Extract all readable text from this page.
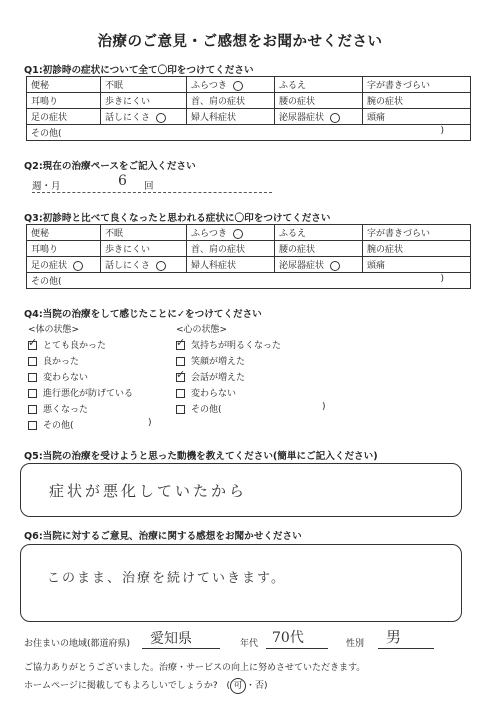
治療のご意見・ご感想をお聞かせください
Q1:初診時の症状について全て〇印をつけてください
便秘	不眠	ふらつき	ふるえ	字が書きづらい
耳鳴り	歩きにくい	首、肩の症状	腰の症状	腕の症状
足の症状	話しにくさ	婦人科症状	泌尿器症状	頭痛
その他( )				
Q2:現在の治療ペースをご記入ください
週・月	6 回
Q3:初診時と比べて良くなったと思われる症状に〇印をつけてください
便秘	不眠	ふらつき	ふるえ	字が書きづらい
耳鳴り	歩きにくい	首、肩の症状	腰の症状	腕の症状
足の症状	話しにくさ	婦人科症状	泌尿器症状	頭痛
その他( )				
Q4:当院の治療をして感じたことに✓をつけてください
<体の状態>	<心の状態>
✓ とても良かった
良かった
変わらない
進行悪化が防げている
悪くなった
その他(	)
✓ 気持ちが明るくなった
笑顔が増えた
✓ 会話が増えた
変わらない
その他(	)
Q5:当院の治療を受けようと思った動機を教えてください(簡単にご記入ください)
症状が悪化していたから
Q6:当院に対するご意見、治療に関する感想をお聞かせください
このまま、治療を続けていきます。
お住まいの地域(都道府県) 愛知県	年代 70代	性別 男
ご協力ありがとうございました。治療・サービスの向上に努めさせていただきます。
ホームページに掲載してもよろしいでしょうか? ( 可 ・否)
